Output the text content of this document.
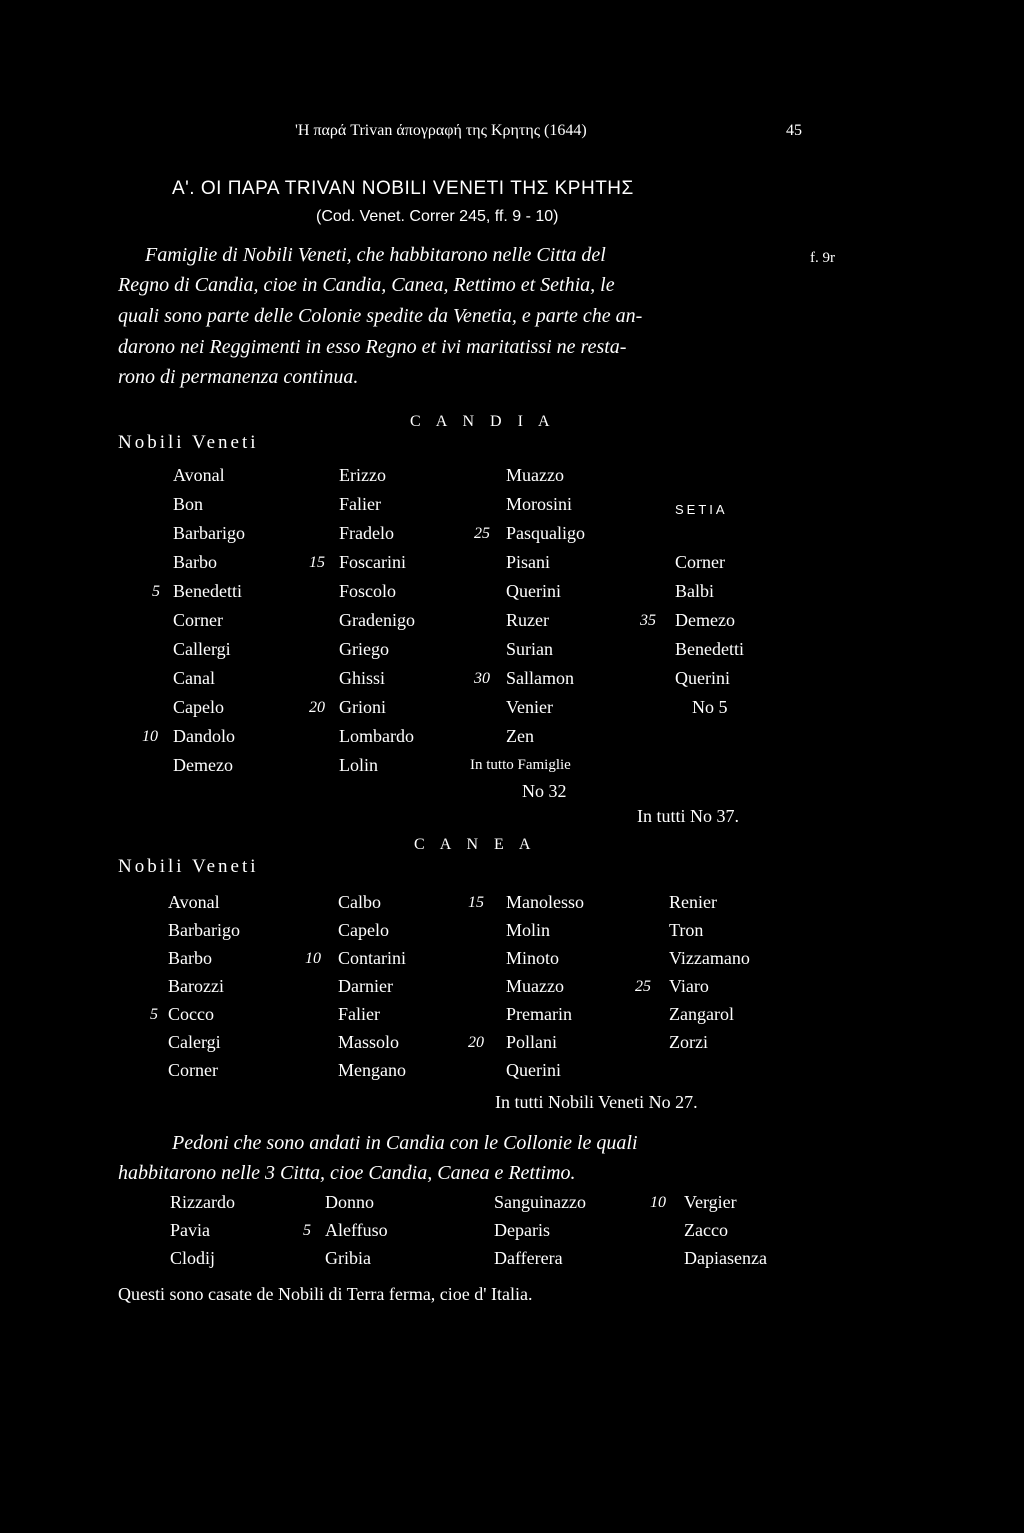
'Η παρά Trivan άπογραφή της Κρητης (1644)	45
A'. OI ΠΑΡΑ TRIVAN NOBILI VENETI ΤΗΣ ΚΡΗΤΗΣ
(Cod. Venet. Correr 245, ff. 9 - 10)
Famiglie di Nobili Veneti, che habbitarono nelle Citta del	f. 9r
Regno di Candia, cioe in Candia, Canea, Rettimo et Sethia, le
quali sono parte delle Colonie spedite da Venetia, e parte che an-
darono nei Reggimenti in esso Regno et ivi maritatissi ne resta-
rono di permanenza continua.
C A N D I A
Nobili Veneti
Avonal
Bon
Barbarigo
Barbo
5 Benedetti
Corner
Callergi
Canal
Capelo
10 Dandolo
Demezo
Erizzo
Falier
Fradelo
15 Foscarini
Foscolo
Gradenigo
Griego
Ghissi
20 Grioni
Lombardo
Lolin
Muazzo
Morosini
25 Pasqualigo
Pisani
Querini
Ruzer
Surian
30 Sallamon
Venier
Zen
In tutto Famiglie
No 32
SETIA
Corner
Balbi
35 Demezo
Benedetti
Querini
No 5
In tutti No 37.
C A N E A
Nobili Veneti
Avonal
Barbarigo
Barbo
Barozzi
5 Cocco
Calergi
Corner
Calbo
Capelo
10 Contarini
Darnier
Falier
Massolo
Mengano
15 Manolesso
Molin
Minoto
Muazzo
Premarin
20 Pollani
Querini
Renier
Tron
Vizzamano
25 Viaro
Zangarol
Zorzi
In tutti Nobili Veneti No 27.
Pedoni che sono andati in Candia con le Collonie le quali
habbitarono nelle 3 Citta, cioe Candia, Canea e Rettimo.
Rizzardo
Pavia
Clodij
Donno
5 Aleffuso
Gribia
Sanguinazzo
Deparis
Dafferera
10 Vergier
Zacco
Dapiasenza
Questi sono casate de Nobili di Terra ferma, cioe d' Italia.
